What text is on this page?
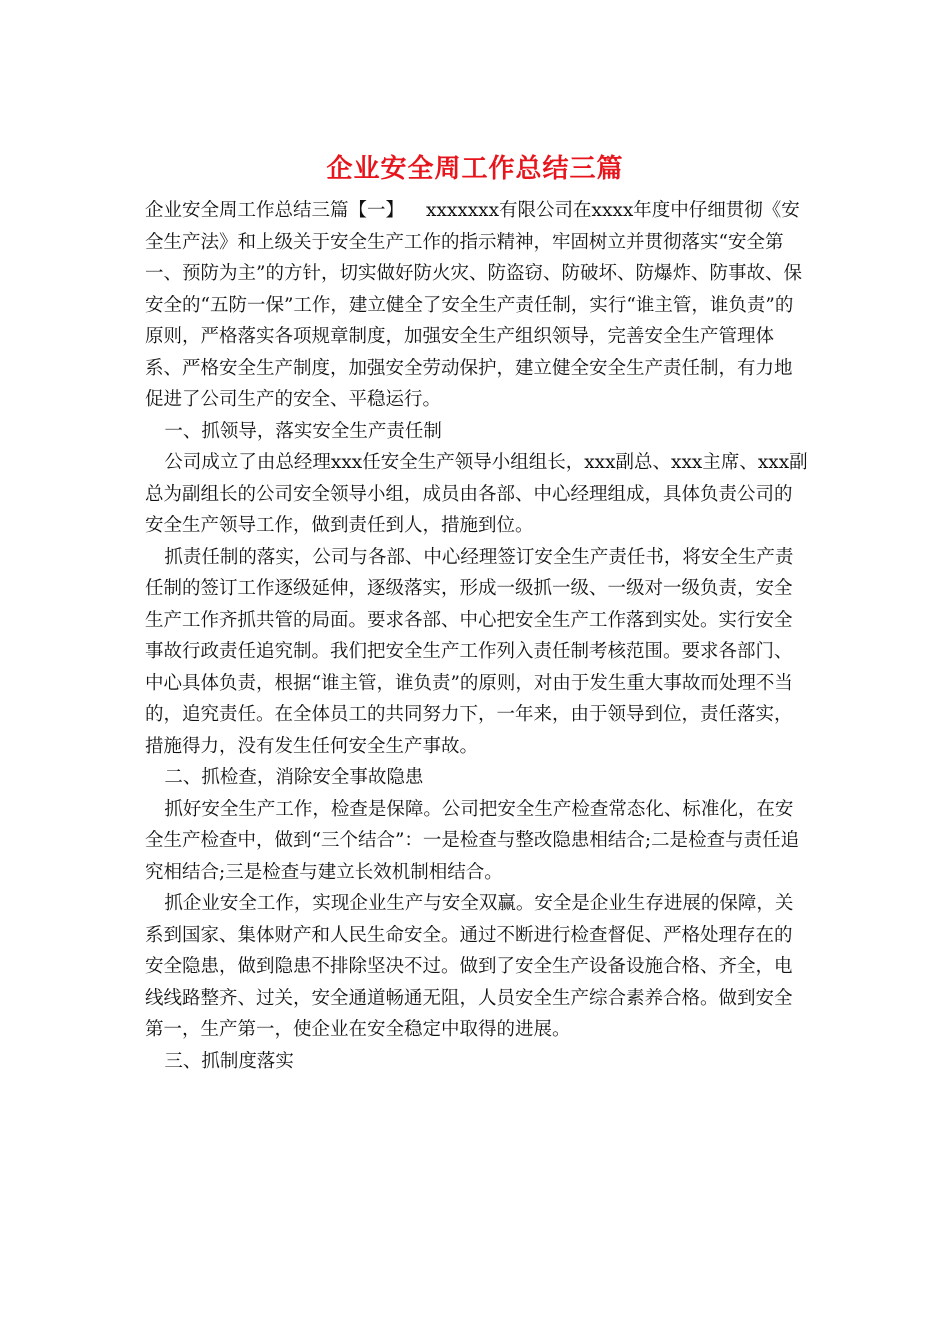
企业安全周工作总结三篇

企业安全周工作总结三篇【一】 xxxxxxx有限公司在xxxx年度中仔细贯彻《安全生产法》和上级关于安全生产工作的指示精神，牢固树立并贯彻落实“安全第一、预防为主”的方针，切实做好防火灾、防盗窃、防破坏、防爆炸、防事故、保安全的“五防一保”工作，建立健全了安全生产责任制，实行“谁主管，谁负责”的原则，严格落实各项规章制度，加强安全生产组织领导，完善安全生产管理体系、严格安全生产制度，加强安全劳动保护，建立健全安全生产责任制，有力地促进了公司生产的安全、平稳运行。

一、抓领导，落实安全生产责任制

公司成立了由总经理xxx任安全生产领导小组组长，xxx副总、xxx主席、xxx副总为副组长的公司安全领导小组，成员由各部、中心经理组成，具体负责公司的安全生产领导工作，做到责任到人，措施到位。

抓责任制的落实，公司与各部、中心经理签订安全生产责任书，将安全生产责任制的签订工作逐级延伸，逐级落实，形成一级抓一级、一级对一级负责，安全生产工作齐抓共管的局面。要求各部、中心把安全生产工作落到实处。实行安全事故行政责任追究制。我们把安全生产工作列入责任制考核范围。要求各部门、中心具体负责，根据“谁主管，谁负责”的原则，对由于发生重大事故而处理不当的，追究责任。在全体员工的共同努力下，一年来，由于领导到位，责任落实，措施得力，没有发生任何安全生产事故。

二、抓检查，消除安全事故隐患

抓好安全生产工作，检查是保障。公司把安全生产检查常态化、标准化，在安全生产检查中，做到“三个结合”：一是检查与整改隐患相结合;二是检查与责任追究相结合;三是检查与建立长效机制相结合。

抓企业安全工作，实现企业生产与安全双赢。安全是企业生存进展的保障，关系到国家、集体财产和人民生命安全。通过不断进行检查督促、严格处理存在的安全隐患，做到隐患不排除坚决不过。做到了安全生产设备设施合格、齐全，电线线路整齐、过关，安全通道畅通无阻，人员安全生产综合素养合格。做到安全第一，生产第一，使企业在安全稳定中取得的进展。

三、抓制度落实
